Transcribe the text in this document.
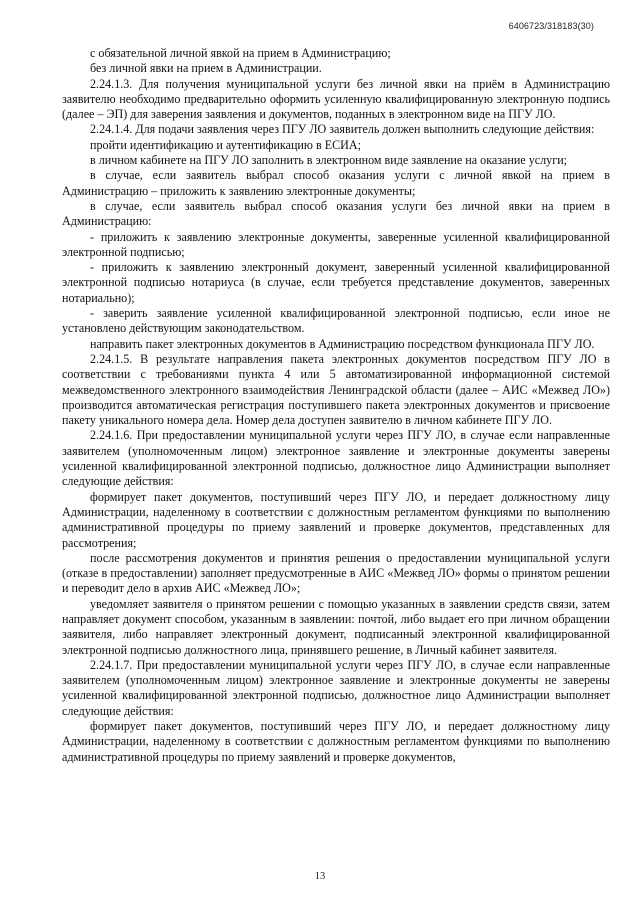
6406723/318183(30)

с обязательной личной явкой на прием в Администрацию;

без личной явки на прием в Администрации.

2.24.1.3. Для получения муниципальной услуги без личной явки на приём в Администрацию заявителю необходимо предварительно оформить усиленную квалифицированную электронную подпись (далее – ЭП) для заверения заявления и документов, поданных в электронном виде на ПГУ ЛО.

2.24.1.4. Для подачи заявления через ПГУ ЛО заявитель должен выполнить следующие действия:

пройти идентификацию и аутентификацию в ЕСИА;

в личном кабинете на ПГУ ЛО заполнить в электронном виде заявление на оказание услуги;

в случае, если заявитель выбрал способ оказания услуги с личной явкой на прием в Администрацию – приложить к заявлению электронные документы;

в случае, если заявитель выбрал способ оказания услуги без личной явки на прием в Администрацию:

- приложить к заявлению электронные документы, заверенные усиленной квалифицированной электронной подписью;

- приложить к заявлению электронный документ, заверенный усиленной квалифицированной электронной подписью нотариуса (в случае, если требуется представление документов, заверенных нотариально);

- заверить заявление усиленной квалифицированной электронной подписью, если иное не установлено действующим законодательством.

направить пакет электронных документов в Администрацию посредством функционала ПГУ ЛО.

2.24.1.5. В результате направления пакета электронных документов посредством ПГУ ЛО в соответствии с требованиями пункта 4 или 5 автоматизированной информационной системой межведомственного электронного взаимодействия Ленинградской области (далее – АИС «Межвед ЛО») производится автоматическая регистрация поступившего пакета электронных документов и присвоение пакету уникального номера дела. Номер дела доступен заявителю в личном кабинете ПГУ ЛО.

2.24.1.6. При предоставлении муниципальной услуги через ПГУ ЛО, в случае если направленные заявителем (уполномоченным лицом) электронное заявление и электронные документы заверены усиленной квалифицированной электронной подписью, должностное лицо Администрации выполняет следующие действия:

формирует пакет документов, поступивший через ПГУ ЛО, и передает должностному лицу Администрации, наделенному в соответствии с должностным регламентом функциями по выполнению административной процедуры по приему заявлений и проверке документов, представленных для рассмотрения;

после рассмотрения документов и принятия решения о предоставлении муниципальной услуги (отказе в предоставлении) заполняет предусмотренные в АИС «Межвед ЛО» формы о принятом решении и переводит дело в архив АИС «Межвед ЛО»;

уведомляет заявителя о принятом решении с помощью указанных в заявлении средств связи, затем направляет документ способом, указанным в заявлении: почтой, либо выдает его при личном обращении заявителя, либо направляет электронный документ, подписанный электронной квалифицированной электронной подписью должностного лица, принявшего решение, в Личный кабинет заявителя.

2.24.1.7. При предоставлении муниципальной услуги через ПГУ ЛО, в случае если направленные заявителем (уполномоченным лицом) электронное заявление и электронные документы не заверены усиленной квалифицированной электронной подписью, должностное лицо Администрации выполняет следующие действия:

формирует пакет документов, поступивший через ПГУ ЛО, и передает должностному лицу Администрации, наделенному в соответствии с должностным регламентом функциями по выполнению административной процедуры по приему заявлений и проверке документов,

13
